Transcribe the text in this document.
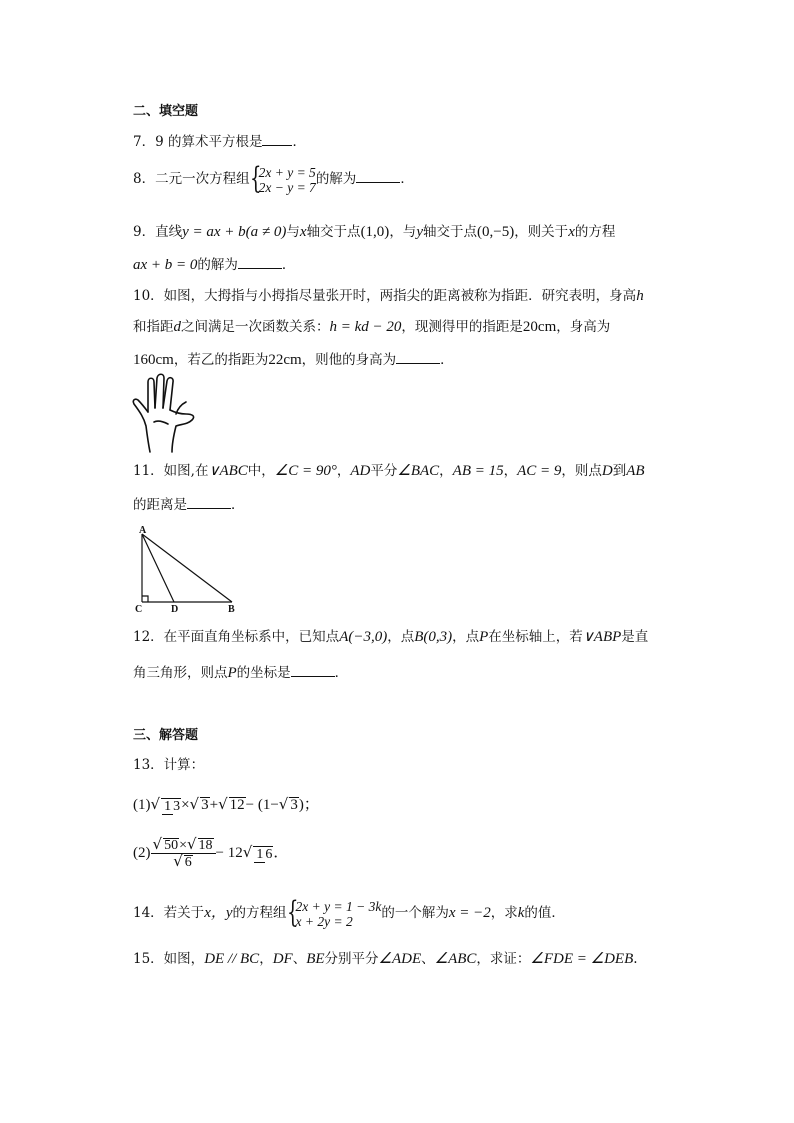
二、填空题
7．9 的算术平方根是 ．
8．二元一次方程组 {
2x + y = 5
2x − y = 7 的解为	．
9．直线y = ax + b(a ≠ 0)与x轴交于点(1,0)，与y轴交于点(0,−5)，则关于x的方程
ax + b = 0的解为	．
10．如图，大拇指与小拇指尽量张开时，两指尖的距离被称为指距．研究表明，身高h
和指距d之间满足一次函数关系：h = kd − 20，现测得甲的指距是20cm，身高为
160cm，若乙的指距为22cm，则他的身高为	．
11．如图,在∨ABC中，∠C = 90°，AD平分∠BAC，AB = 15，AC = 9，则点D到AB
的距离是	．
A
C	D	B
12．在平面直角坐标系中，已知点A(−3,0)，点B(0,3)，点P在坐标轴上，若∨ABP是直
角三角形，则点P的坐标是	．
三、解答题
13．计算：
(1)√ 1 3×√ 3+√ 12− (1−√ 3)；
$(2) \frac{√ 50\times√ 18}{√ 6} - 12√$ 1 6．
14．若关于x，y的方程组 {
2x + y = 1 − 3k
x + 2y = 2	的一个解为x = −2，求k的值．
15．如图，DE // BC，DF、BE分别平分∠ADE、∠ABC，求证：∠FDE = ∠DEB.
